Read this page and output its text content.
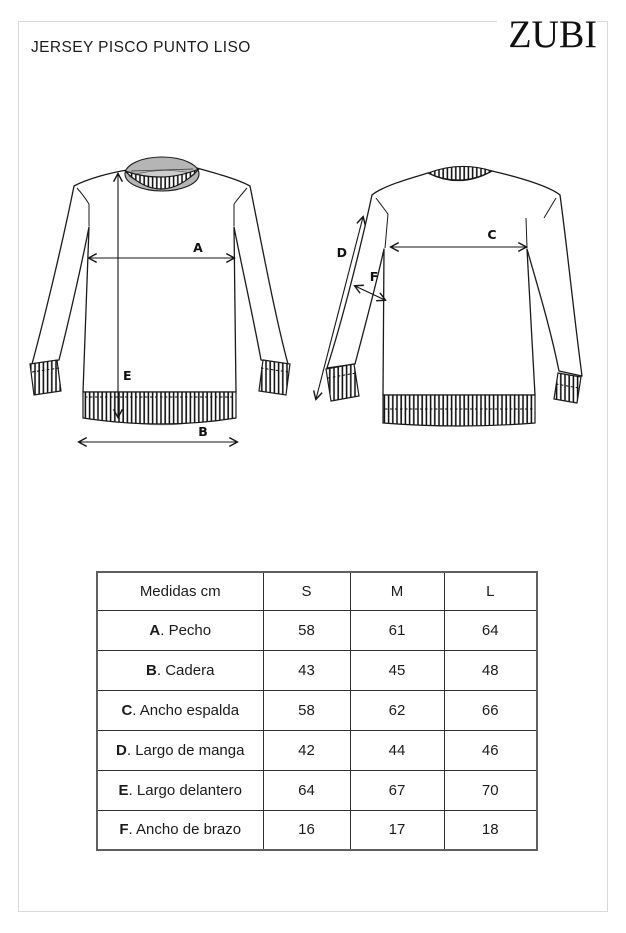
JERSEY PISCO PUNTO LISO	ZUBI
A
E
B
C
D
F
Medidas cm	S	M	L
A. Pecho	58	61	64
B. Cadera	43	45	48
C. Ancho espalda	58	62	66
D. Largo de manga	42	44	46
E. Largo delantero	64	67	70
F. Ancho de brazo	16	17	18
